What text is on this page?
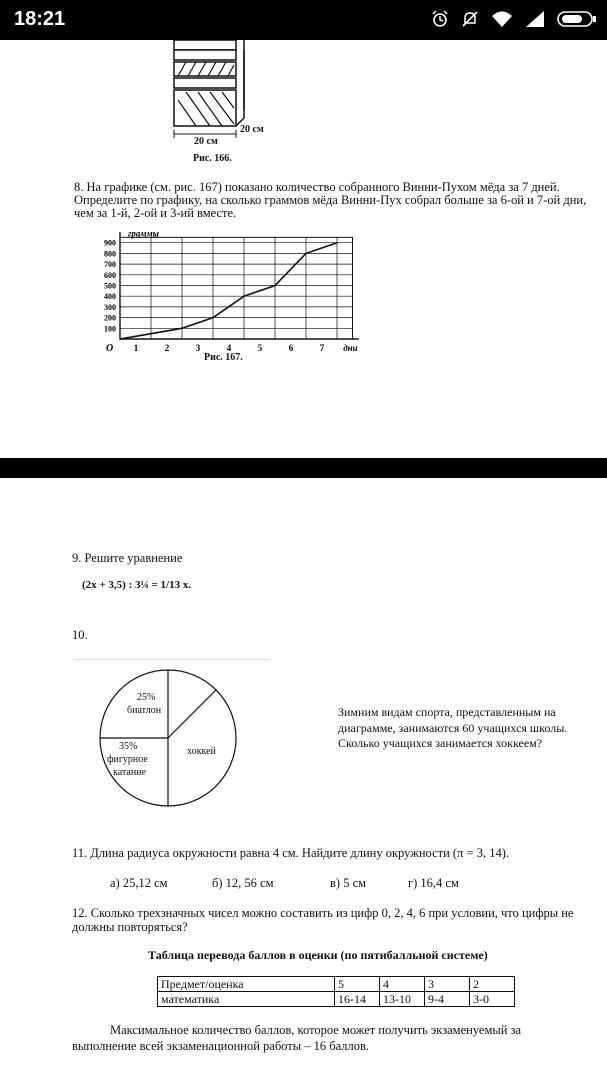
18:21
20 см
20 см
Рис. 166.
8. На графике (см. рис. 167) показано количество собранного Винни-Пухом мёда за 7 дней.
Определите по графику, на сколько граммов мёда Винни-Пух собрал больше за 6-ой и 7-ой дни,
чем за 1-й, 2-ой и 3-ий вместе.
900
800
700
600
500
400
300
200
100
1	2	3	4	5	6	7
O
граммы
дни
Рис. 167.
9. Решите уравнение
(2x + 3,5) : 3¼ = 1/13 x.
10.
25%
биатлон
хоккей
35%
фигурное
катание
Зимним видам спорта, представленным на
диаграмме, занимаются 60 учащихся школы.
Сколько учащихся занимается хоккеем?
11. Длина радиуса окружности равна 4 см. Найдите длину окружности (π = 3, 14).
а) 25,12 см	б) 12, 56 см	в) 5 см	г) 16,4 см
12. Сколько трехзначных чисел можно составить из цифр 0, 2, 4, 6 при условии, что цифры не
должны повторяться?
Таблица перевода баллов в оценки (по пятибалльной системе)
Предмет/оценка	5	4	3	2
математика	16-14	13-10	9-4	3-0
Максимальное количество баллов, которое может получить экзаменуемый за
выполнение всей экзаменационной работы – 16 баллов.
